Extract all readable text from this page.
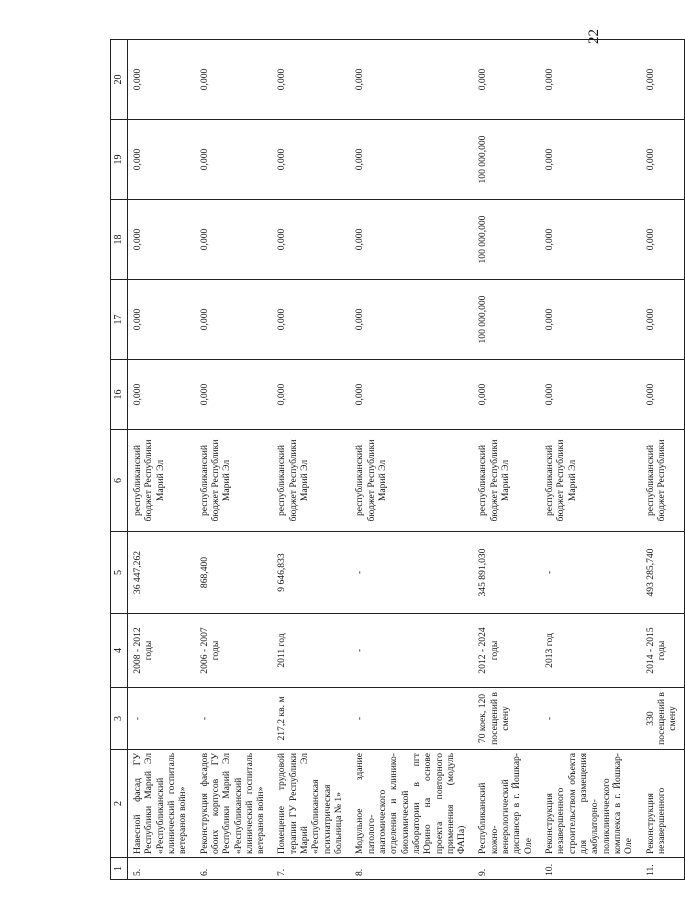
22
1	2	3	4	5	6	16	17	18	19	20
5.	Навесной фасад ГУ Республики Марий Эл «Республиканский клинический госпиталь ветеранов войн»	-	2008 - 2012 годы	36 447,262	республиканский бюджет Республики Марий Эл	0,000	0,000	0,000	0,000	0,000
6.	Реконструкция фасадов обоих корпусов ГУ Республики Марий Эл «Республиканский клинический госпиталь ветеранов войн»	-	2006 - 2007 годы	868,400	республиканский бюджет Республики Марий Эл	0,000	0,000	0,000	0,000	0,000
7.	Помещение трудовой терапии ГУ Республики Марий Эл «Республиканская психиатрическая больница № 1»	217,2 кв. м	2011 год	9 646,833	республиканский бюджет Республики Марий Эл	0,000	0,000	0,000	0,000	0,000
8.	Модульное здание патолого-анатомического отделения и клинико-биохимической лаборатории в пгт Юрино на основе проекта повторного применения (модуль ФАПа)	-	-	-	республиканский бюджет Республики Марий Эл	0,000	0,000	0,000	0,000	0,000
9.	Республиканский кожно-венерологический диспансер в г. Йошкар-Оле	70 коек, 120 посещений в смену	2012 - 2024 годы	345 891,030	республиканский бюджет Республики Марий Эл	0,000	100 000,000	100 000,000	100 000,000	0,000
10.	Реконструкция незавершенного строительством объекта для размещения амбулаторно-поликлинического комплекса в г. Йошкар-Оле	-	2013 год	-	республиканский бюджет Республики Марий Эл	0,000	0,000	0,000	0,000	0,000
11.	Реконструкция незавершенного	330 посещений в смену	2014 - 2015 годы	493 285,740	республиканский бюджет Республики	0,000	0,000	0,000	0,000	0,000
